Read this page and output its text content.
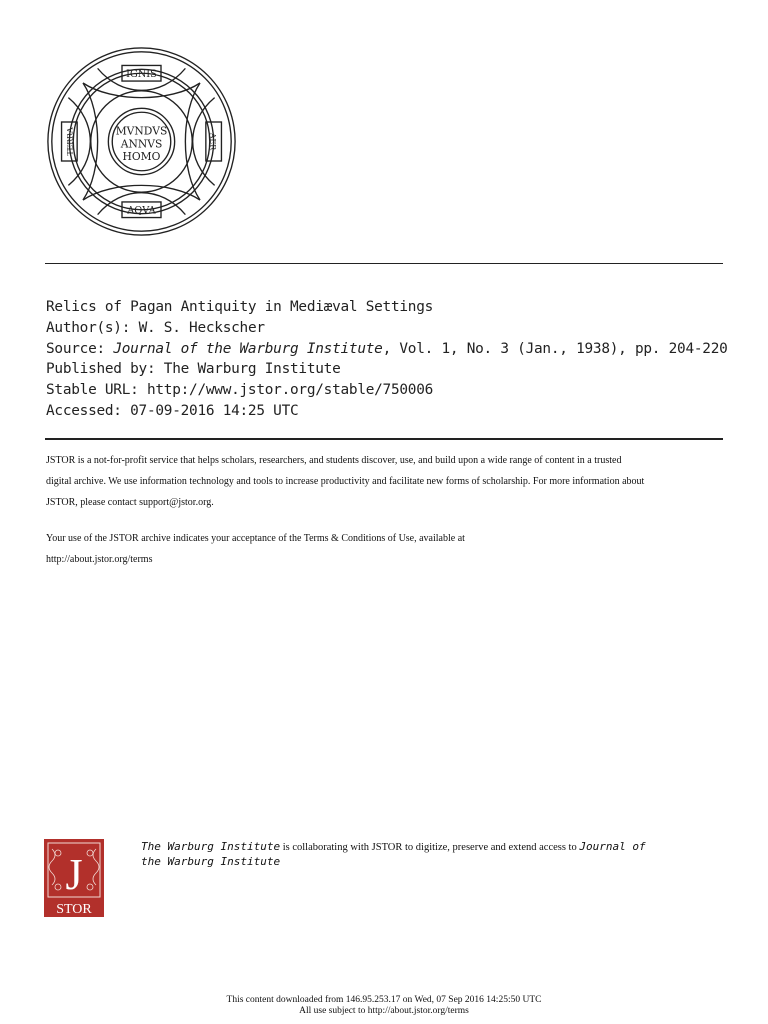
IGNIS
AQVA
TERRA	AER
MVNDVS
ANNVS
HOMO
Relics of Pagan Antiquity in Mediæval Settings
Author(s): W. S. Heckscher
Source: Journal of the Warburg Institute, Vol. 1, No. 3 (Jan., 1938), pp. 204-220
Published by: The Warburg Institute
Stable URL: http://www.jstor.org/stable/750006
Accessed: 07-09-2016 14:25 UTC
JSTOR is a not-for-profit service that helps scholars, researchers, and students discover, use, and build upon a wide range of content in a trusted
digital archive. We use information technology and tools to increase productivity and facilitate new forms of scholarship. For more information about
JSTOR, please contact support@jstor.org.
Your use of the JSTOR archive indicates your acceptance of the Terms & Conditions of Use, available at
http://about.jstor.org/terms
J
STOR
The Warburg Institute is collaborating with JSTOR to digitize, preserve and extend access to Journal of
the Warburg Institute
This content downloaded from 146.95.253.17 on Wed, 07 Sep 2016 14:25:50 UTC
All use subject to http://about.jstor.org/terms
